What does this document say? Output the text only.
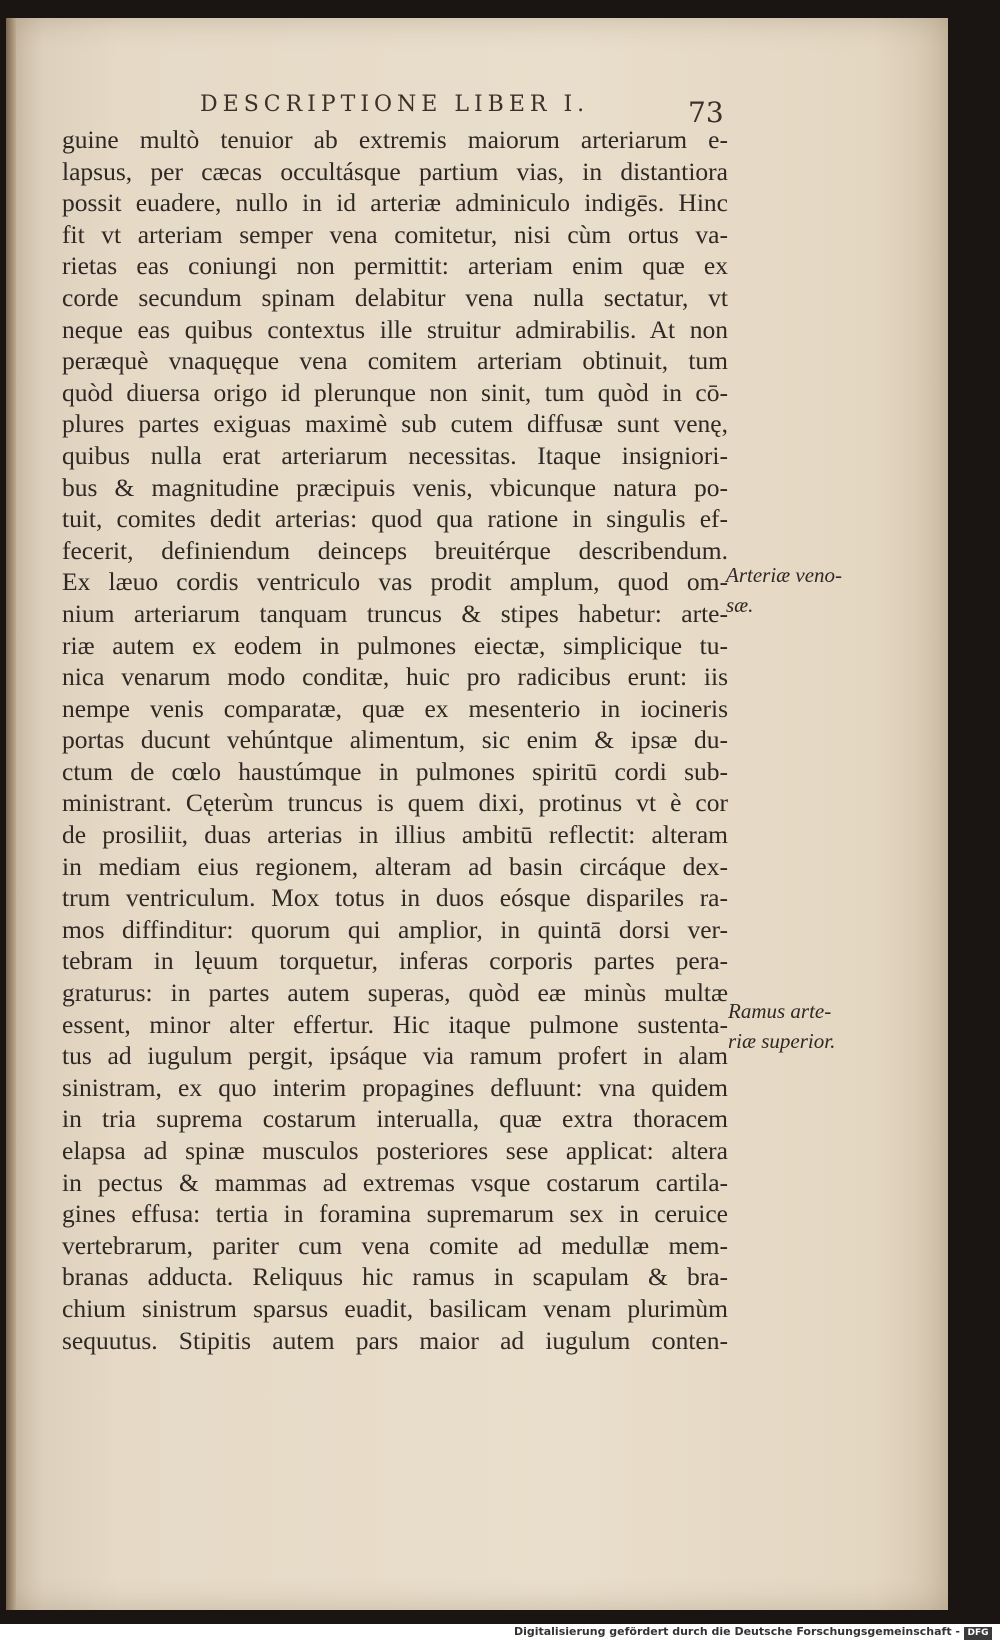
DESCRIPTIONE LIBER I.	73
guine multò tenuior ab extremis maiorum arteriarum e-
lapsus, per cæcas occultásque partium vias, in distantiora
possit euadere, nullo in id arteriæ adminiculo indigēs. Hinc
fit vt arteriam semper vena comitetur, nisi cùm ortus va-
rietas eas coniungi non permittit: arteriam enim quæ ex
corde secundum spinam delabitur vena nulla sectatur, vt
neque eas quibus contextus ille struitur admirabilis. At non
peræquè vnaquęque vena comitem arteriam obtinuit, tum
quòd diuersa origo id plerunque non sinit, tum quòd in cō-
plures partes exiguas maximè sub cutem diffusæ sunt venę,
quibus nulla erat arteriarum necessitas. Itaque insigniori-
bus & magnitudine præcipuis venis, vbicunque natura po-
tuit, comites dedit arterias: quod qua ratione in singulis ef-
fecerit, definiendum deinceps breuitérque describendum.
Ex læuo cordis ventriculo vas prodit amplum, quod om-
nium arteriarum tanquam truncus & stipes habetur: arte-
riæ autem ex eodem in pulmones eiectæ, simplicique tu-
nica venarum modo conditæ, huic pro radicibus erunt: iis
nempe venis comparatæ, quæ ex mesenterio in iocineris
portas ducunt vehúntque alimentum, sic enim & ipsæ du-
ctum de cœlo haustúmque in pulmones spiritū cordi sub-
ministrant. Cęterùm truncus is quem dixi, protinus vt è cor
de prosiliit, duas arterias in illius ambitū reflectit: alteram
in mediam eius regionem, alteram ad basin circáque dex-
trum ventriculum. Mox totus in duos eósque dispariles ra-
mos diffinditur: quorum qui amplior, in quintā dorsi ver-
tebram in lęuum torquetur, inferas corporis partes pera-
graturus: in partes autem superas, quòd eæ minùs multæ
essent, minor alter effertur. Hic itaque pulmone sustenta-
tus ad iugulum pergit, ipsáque via ramum profert in alam
sinistram, ex quo interim propagines defluunt: vna quidem
in tria suprema costarum interualla, quæ extra thoracem
elapsa ad spinæ musculos posteriores sese applicat: altera
in pectus & mammas ad extremas vsque costarum cartila-
gines effusa: tertia in foramina supremarum sex in ceruice
vertebrarum, pariter cum vena comite ad medullæ mem-
branas adducta. Reliquus hic ramus in scapulam & bra-
chium sinistrum sparsus euadit, basilicam venam plurimùm
sequutus. Stipitis autem pars maior ad iugulum conten-
Arteriæ veno-
sæ.
Ramus arte-
riæ superior.
Digitalisierung gefördert durch die Deutsche Forschungsgemeinschaft - DFG
